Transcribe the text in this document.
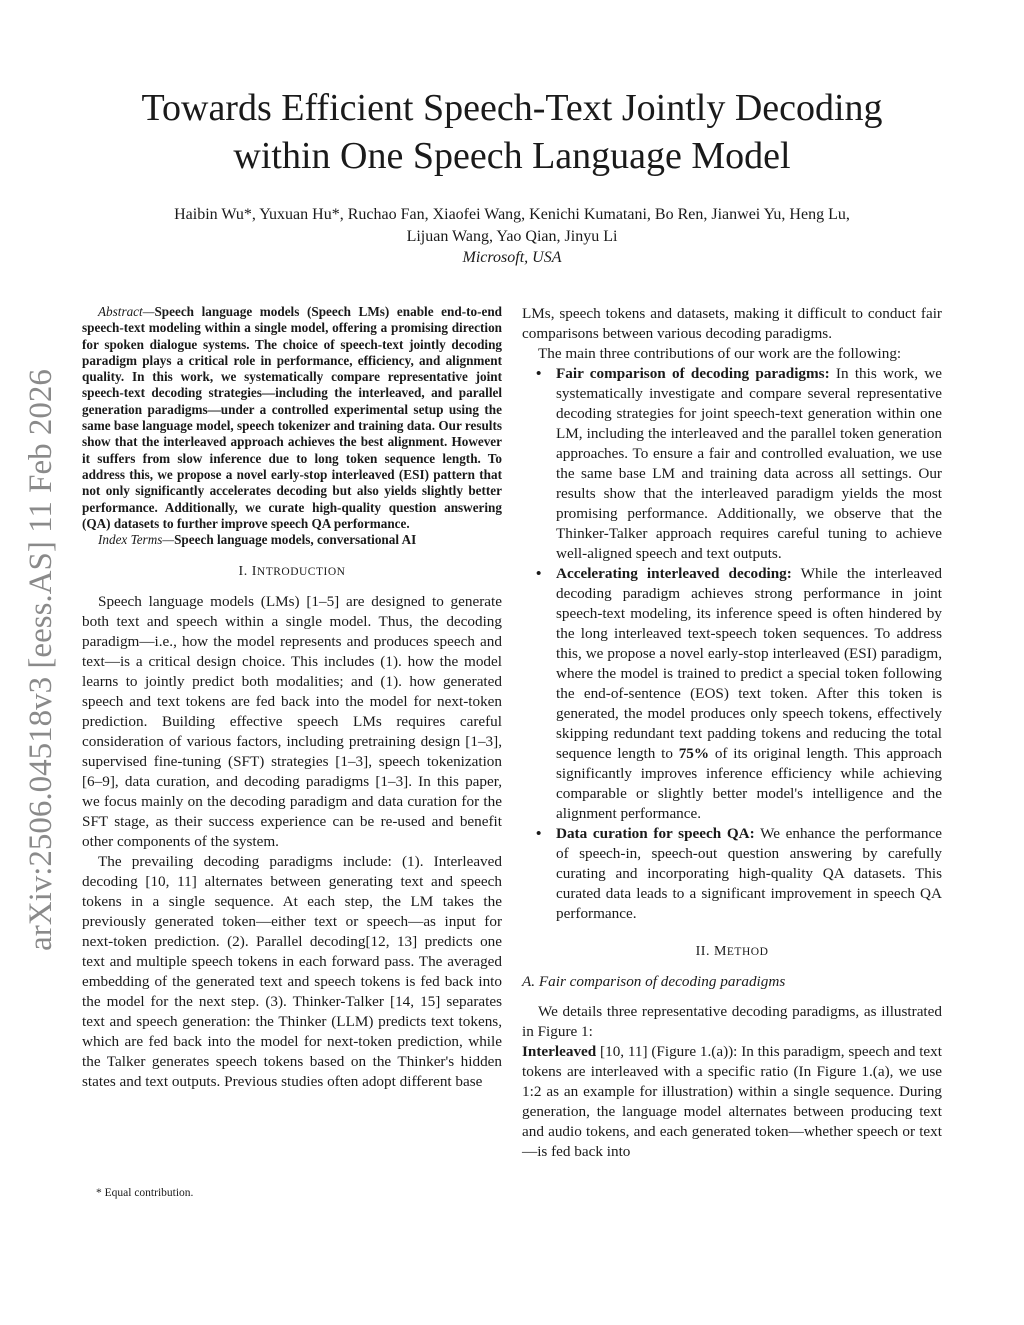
Towards Efficient Speech-Text Jointly Decoding
within One Speech Language Model
Haibin Wu*, Yuxuan Hu*, Ruchao Fan, Xiaofei Wang, Kenichi Kumatani, Bo Ren, Jianwei Yu, Heng Lu,
Lijuan Wang, Yao Qian, Jinyu Li
Microsoft, USA
arXiv:2506.04518v3 [eess.AS] 11 Feb 2026

Abstract—Speech language models (Speech LMs) enable end-to-end speech-text modeling within a single model, offering a promising direction for spoken dialogue systems. The choice of speech-text jointly decoding paradigm plays a critical role in performance, efficiency, and alignment quality. In this work, we systematically compare representative joint speech-text decoding strategies—including the interleaved, and parallel generation paradigms—under a controlled experimental setup using the same base language model, speech tokenizer and training data. Our results show that the interleaved approach achieves the best alignment. However it suffers from slow inference due to long token sequence length. To address this, we propose a novel early-stop interleaved (ESI) pattern that not only significantly accelerates decoding but also yields slightly better performance. Additionally, we curate high-quality question answering (QA) datasets to further improve speech QA performance.

Index Terms—Speech language models, conversational AI

I. INTRODUCTION

Speech language models (LMs) [1–5] are designed to generate both text and speech within a single model. Thus, the decoding paradigm—i.e., how the model represents and produces speech and text—is a critical design choice. This includes (1). how the model learns to jointly predict both modalities; and (1). how generated speech and text tokens are fed back into the model for next-token prediction. Building effective speech LMs requires careful consideration of various factors, including pretraining design [1–3], supervised fine-tuning (SFT) strategies [1–3], speech tokenization [6–9], data curation, and decoding paradigms [1–3]. In this paper, we focus mainly on the decoding paradigm and data curation for the SFT stage, as their success experience can be re-used and benefit other components of the system.

The prevailing decoding paradigms include: (1). Interleaved decoding [10, 11] alternates between generating text and speech tokens in a single sequence. At each step, the LM takes the previously generated token—either text or speech—as input for next-token prediction. (2). Parallel decoding[12, 13] predicts one text and multiple speech tokens in each forward pass. The averaged embedding of the generated text and speech tokens is fed back into the model for the next step. (3). Thinker-Talker [14, 15] separates text and speech generation: the Thinker (LLM) predicts text tokens, which are fed back into the model for next-token prediction, while the Talker generates speech tokens based on the Thinker's hidden states and text outputs. Previous studies often adopt different base

* Equal contribution.

LMs, speech tokens and datasets, making it difficult to conduct fair comparisons between various decoding paradigms.

The main three contributions of our work are the following:

• Fair comparison of decoding paradigms: In this work, we systematically investigate and compare several representative decoding strategies for joint speech-text generation within one LM, including the interleaved and the parallel token generation approaches. To ensure a fair and controlled evaluation, we use the same base LM and training data across all settings. Our results show that the interleaved paradigm yields the most promising performance. Additionally, we observe that the Thinker-Talker approach requires careful tuning to achieve well-aligned speech and text outputs.
• Accelerating interleaved decoding: While the interleaved decoding paradigm achieves strong performance in joint speech-text modeling, its inference speed is often hindered by the long interleaved text-speech token sequences. To address this, we propose a novel early-stop interleaved (ESI) paradigm, where the model is trained to predict a special token following the end-of-sentence (EOS) text token. After this token is generated, the model produces only speech tokens, effectively skipping redundant text padding tokens and reducing the total sequence length to 75% of its original length. This approach significantly improves inference efficiency while achieving comparable or slightly better model's intelligence and the alignment performance.
• Data curation for speech QA: We enhance the performance of speech-in, speech-out question answering by carefully curating and incorporating high-quality QA datasets. This curated data leads to a significant improvement in speech QA performance.
II. METHOD
A. Fair comparison of decoding paradigms

We details three representative decoding paradigms, as illustrated in Figure 1:

Interleaved [10, 11] (Figure 1.(a)): In this paradigm, speech and text tokens are interleaved with a specific ratio (In Figure 1.(a), we use 1:2 as an example for illustration) within a single sequence. During generation, the language model alternates between producing text and audio tokens, and each generated token—whether speech or text—is fed back into
